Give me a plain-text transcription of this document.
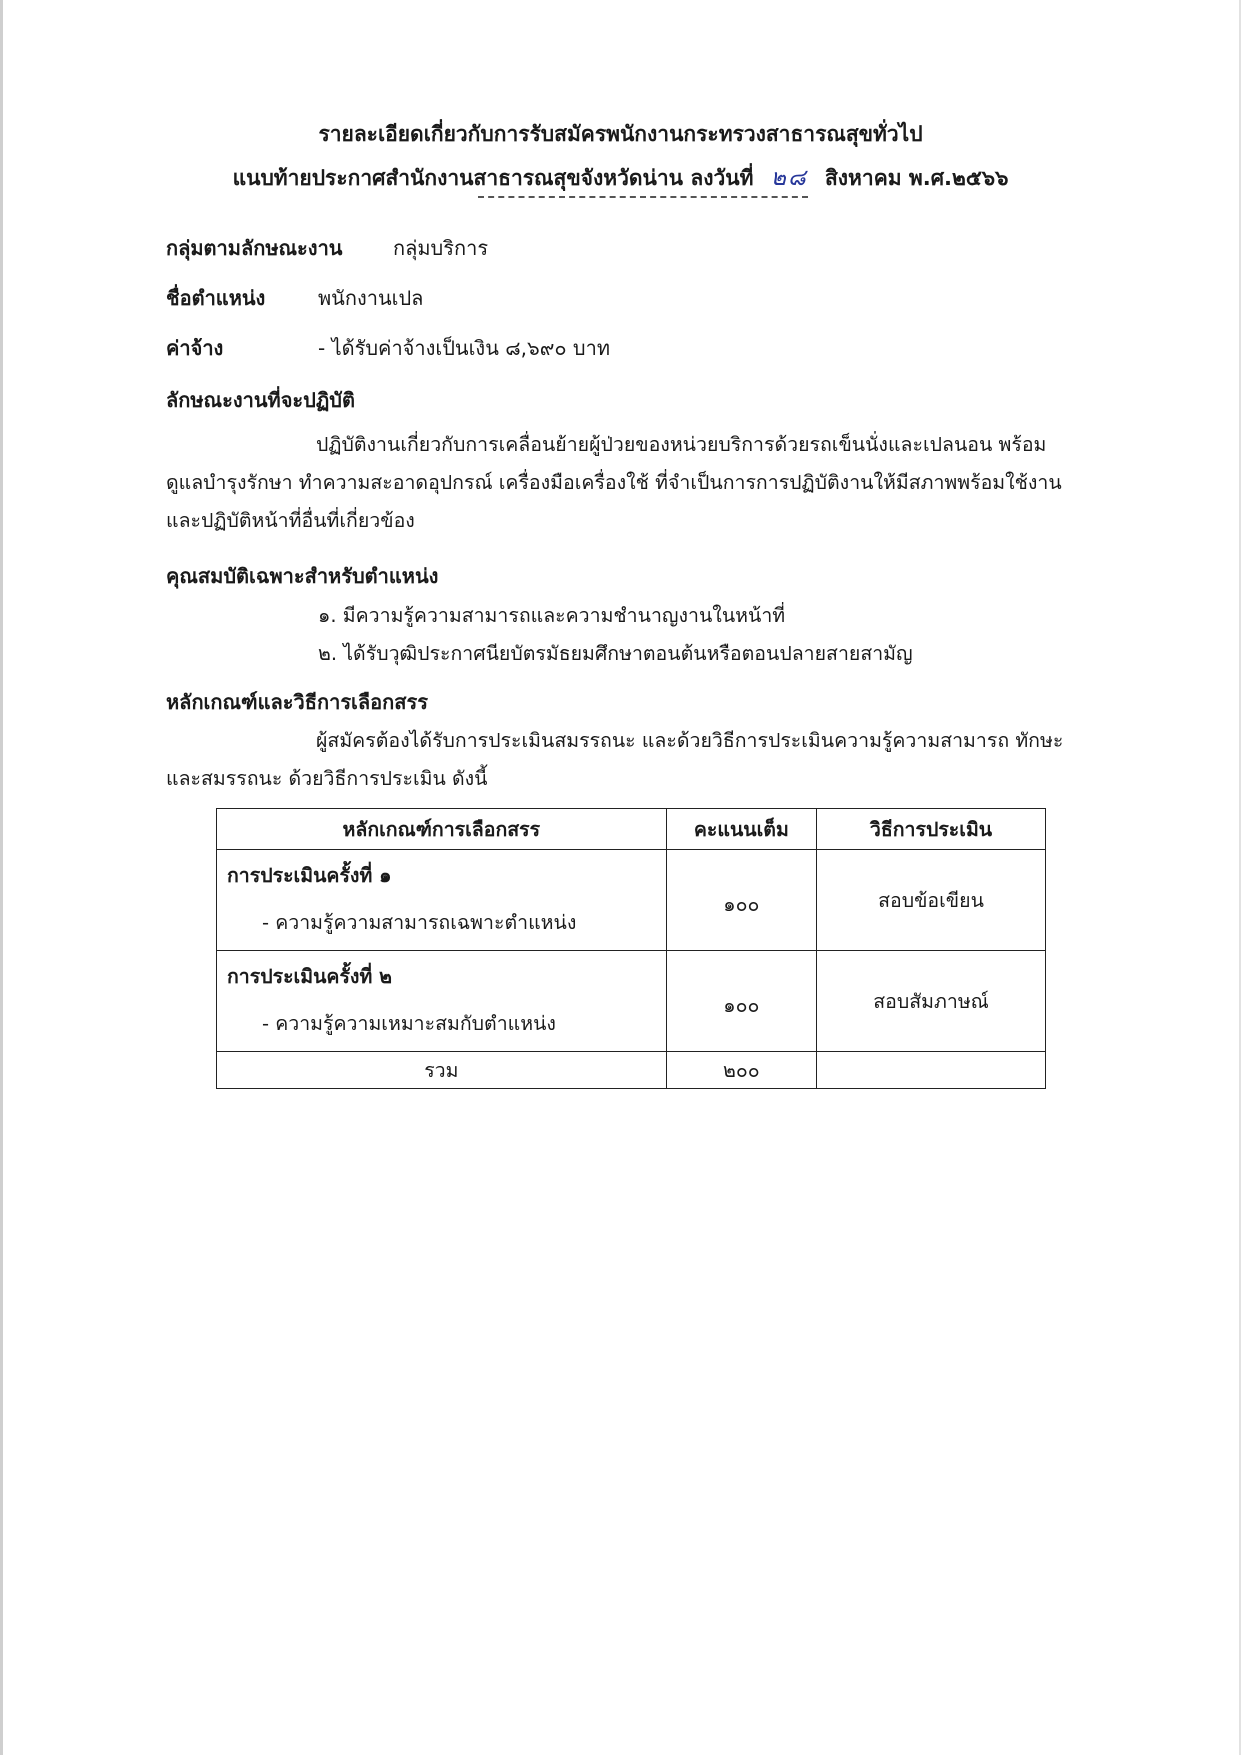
รายละเอียดเกี่ยวกับการรับสมัครพนักงานกระทรวงสาธารณสุขทั่วไป
แนบท้ายประกาศสำนักงานสาธารณสุขจังหวัดน่าน ลงวันที่ ๒๘ สิงหาคม พ.ศ.๒๕๖๖
กลุ่มตามลักษณะงาน	กลุ่มบริการ
ชื่อตำแหน่ง	พนักงานเปล
ค่าจ้าง	- ได้รับค่าจ้างเป็นเงิน ๘,๖๙๐ บาท
ลักษณะงานที่จะปฏิบัติ
ปฏิบัติงานเกี่ยวกับการเคลื่อนย้ายผู้ป่วยของหน่วยบริการด้วยรถเข็นนั่งและเปลนอน พร้อม
ดูแลบำรุงรักษา ทำความสะอาดอุปกรณ์ เครื่องมือเครื่องใช้ ที่จำเป็นการการปฏิบัติงานให้มีสภาพพร้อมใช้งาน
และปฏิบัติหน้าที่อื่นที่เกี่ยวข้อง
คุณสมบัติเฉพาะสำหรับตำแหน่ง
๑. มีความรู้ความสามารถและความชำนาญงานในหน้าที่
๒. ได้รับวุฒิประกาศนียบัตรมัธยมศึกษาตอนต้นหรือตอนปลายสายสามัญ
หลักเกณฑ์และวิธีการเลือกสรร
ผู้สมัครต้องได้รับการประเมินสมรรถนะ และด้วยวิธีการประเมินความรู้ความสามารถ ทักษะ
และสมรรถนะ ด้วยวิธีการประเมิน ดังนี้
หลักเกณฑ์การเลือกสรร	คะแนนเต็ม	วิธีการประเมิน

การประเมินครั้งที่ ๑
- ความรู้ความสามารถเฉพาะตำแหน่ง	๑๐๐	สอบข้อเขียน

การประเมินครั้งที่ ๒
- ความรู้ความเหมาะสมกับตำแหน่ง	๑๐๐	สอบสัมภาษณ์
รวม	๒๐๐	
